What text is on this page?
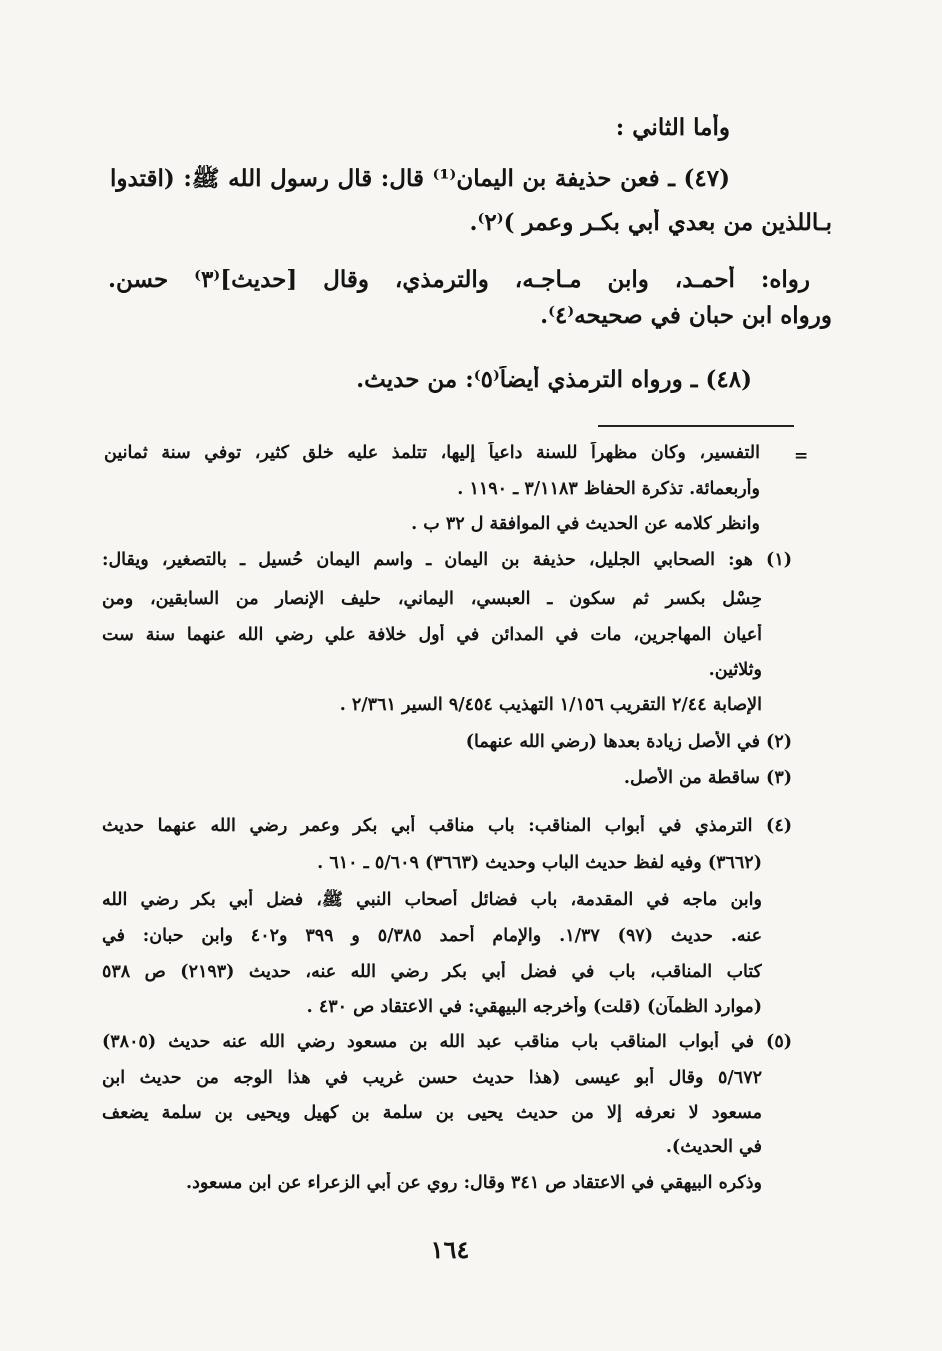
وأما الثاني :
(٤٧) ـ فعن حذيفة بن اليمان⁽¹⁾ قال: قال رسول الله ﷺ: (اقتدوا
بـاللذين من بعدي أبي بكـر وعمر )⁽٢⁾.
رواه: أحمـد، وابن مـاجـه، والترمذي، وقال [حديث]⁽٣⁾ حسن.
ورواه ابن حبان في صحيحه⁽٤⁾.
(٤٨) ـ ورواه الترمذي أيضاً⁽٥⁾: من حديث.
=
التفسير، وكان مظهراً للسنة داعياً إليها، تتلمذ عليه خلق كثير، توفي سنة ثمانين
وأربعمائة. تذكرة الحفاظ ٣/١١٨٣ ـ ١١٩٠ .
وانظر كلامه عن الحديث في الموافقة ل ٣٢ ب .
(١) هو: الصحابي الجليل، حذيفة بن اليمان ـ واسم اليمان حُسيل ـ بالتصغير، ويقال:
حِسْل بكسر ثم سكون ـ العبسي، اليماني، حليف الإنصار من السابقين، ومن
أعيان المهاجرين، مات في المدائن في أول خلافة علي رضي الله عنهما سنة ست
وثلاثين.
الإصابة ٢/٤٤ التقريب ١/١٥٦ التهذيب ٩/٤٥٤ السير ٢/٣٦١ .
(٢) في الأصل زيادة بعدها (رضي الله عنهما)
(٣) ساقطة من الأصل.
(٤) الترمذي في أبواب المناقب: باب مناقب أبي بكر وعمر رضي الله عنهما حديث
(٣٦٦٢) وفيه لفظ حديث الباب وحديث (٣٦٦٣) ٥/٦٠٩ ـ ٦١٠ .
وابن ماجه في المقدمة، باب فضائل أصحاب النبي ﷺ، فضل أبي بكر رضي الله
عنه. حديث (٩٧) ١/٣٧. والإمام أحمد ٥/٣٨٥ و ٣٩٩ و٤٠٢ وابن حبان: في
كتاب المناقب، باب في فضل أبي بكر رضي الله عنه، حديث (٢١٩٣) ص ٥٣٨
(موارد الظمآن) (قلت) وأخرجه البيهقي: في الاعتقاد ص ٤٣٠ .
(٥) في أبواب المناقب باب مناقب عبد الله بن مسعود رضي الله عنه حديث (٣٨٠٥)
٥/٦٧٢ وقال أبو عيسى (هذا حديث حسن غريب في هذا الوجه من حديث ابن
مسعود لا نعرفه إلا من حديث يحيى بن سلمة بن كهيل ويحيى بن سلمة يضعف
في الحديث).
وذكره البيهقي في الاعتقاد ص ٣٤١ وقال: روي عن أبي الزعراء عن ابن مسعود.
١٦٤
